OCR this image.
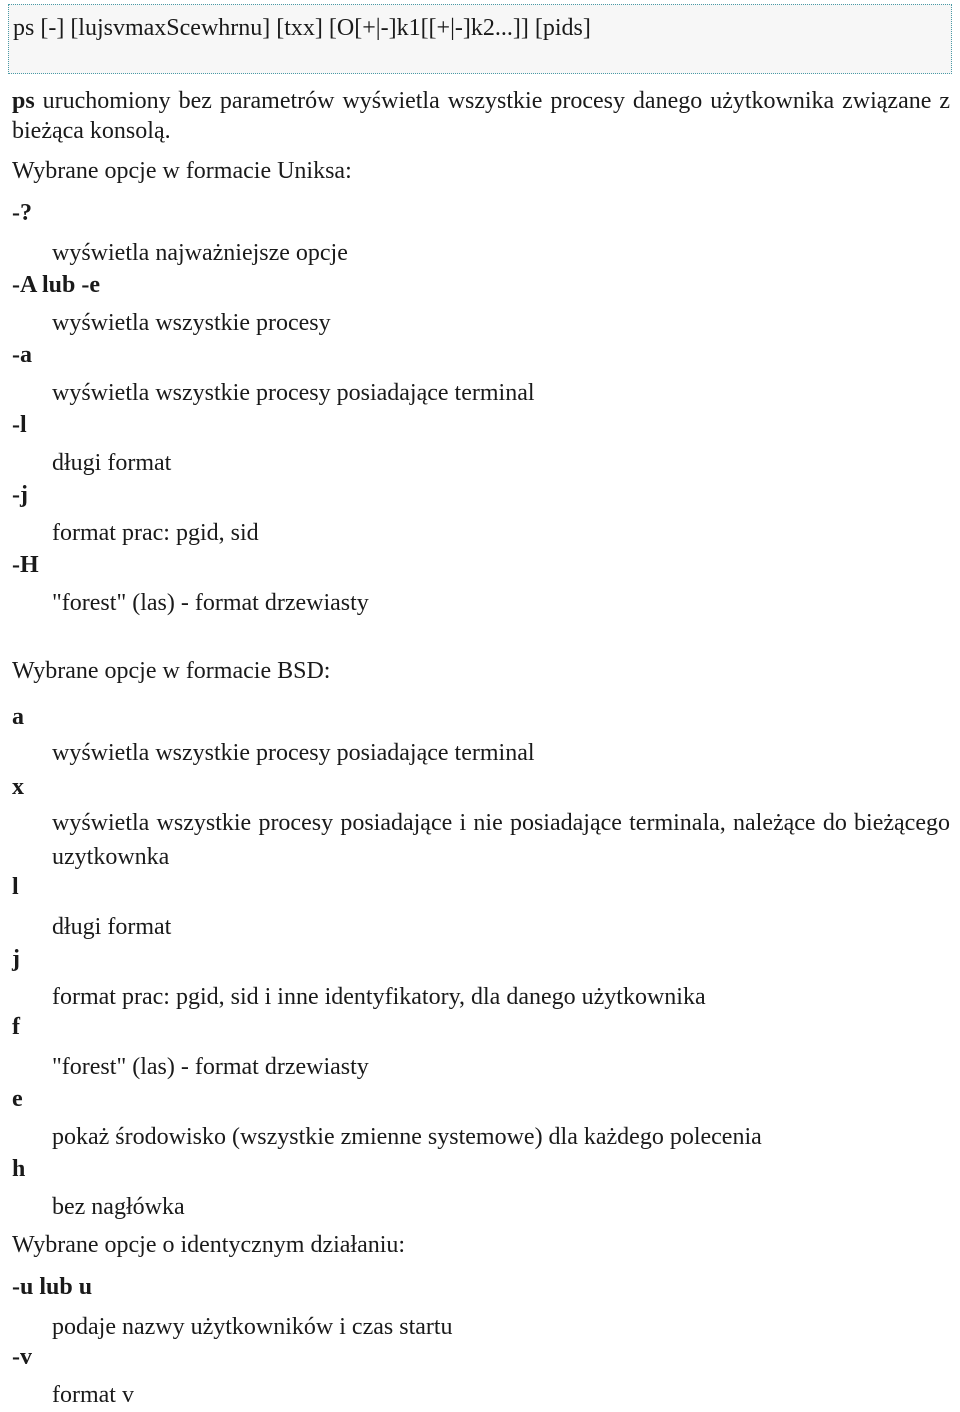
ps [-] [lujsvmaxScewhrnu] [txx] [O[+|-]k1[[+|-]k2...]] [pids]
ps uruchomiony bez parametrów wyświetla wszystkie procesy danego użytkownika związane z bieżąca konsolą.
Wybrane opcje w formacie Uniksa:
-?
wyświetla najważniejsze opcje
-A lub -e
wyświetla wszystkie procesy
-a
wyświetla wszystkie procesy posiadające terminal
-l
długi format
-j
format prac: pgid, sid
-H
"forest" (las) - format drzewiasty
Wybrane opcje w formacie BSD:
a
wyświetla wszystkie procesy posiadające terminal
x
wyświetla wszystkie procesy posiadające i nie posiadające terminala, należące do bieżącego uzytkownka
l
długi format
j
format prac: pgid, sid i inne identyfikatory, dla danego użytkownika
f
"forest" (las) - format drzewiasty
e
pokaż środowisko (wszystkie zmienne systemowe) dla każdego polecenia
h
bez nagłówka
Wybrane opcje o identycznym działaniu:
-u lub u
podaje nazwy użytkowników i czas startu
-v
format v
